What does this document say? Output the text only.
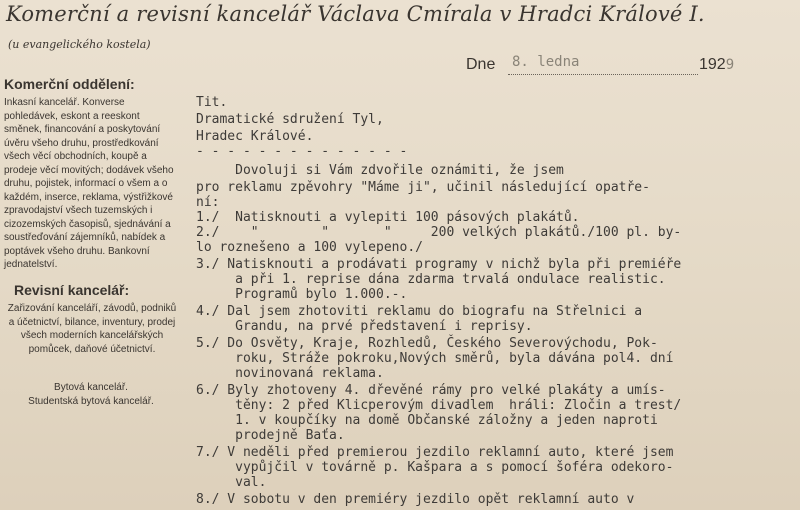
Komerční a revisní kancelář Václava Cmírala v Hradci Králové I.
(u evangelického kostela)
Dne 8. ledna	1929
Komerční oddělení:
Inkasní kancelář. Konverse pohledávek, eskont a reeskont směnek, financování a poskytování úvěru všeho druhu, prostředkování všech věcí obchodních, koupě a prodeje věcí movitých; dodávek všeho druhu, pojistek, informací o všem a o každém, inserce, reklama, výstřižkové zpravodajství všech tuzemských i cizozemských časopisů, sjednávání a soustřeďování zájemníků, nabídek a poptávek všeho druhu. Bankovní jednatelství.
Revisní kancelář:
Zařizování kanceláří, závodů, podniků a účetnictví, bilance, inventury, prodej všech moderních kancelářských pomůcek, daňové účetnictví.
Bytová kancelář.
Studentská bytová kancelář.
Tit.
Dramatické sdružení Tyl,
Hradec Králové.
- - - - - - - - - - - - - -
Dovoluji si Vám zdvořile oznámiti, že jsem
pro reklamu zpěvohry "Máme ji", učinil následující opatře-
ní:
1./  Natisknouti a vylepiti 100 pásových plakátů.
2./    "        "       "     200 velkých plakátů./100 pl. by-
lo roznešeno a 100 vylepeno./
3./ Natisknouti a prodávati programy v nichž byla při premiéře
a při 1. reprise dána zdarma trvalá ondulace realistic.
Programů bylo 1.000.-.
4./ Dal jsem zhotoviti reklamu do biografu na Střelnici a
Grandu, na prvé představení i reprisy.
5./ Do Osvěty, Kraje, Rozhledů, Českého Severovýchodu, Pok-
roku, Stráže pokroku,Nových směrů, byla dávána pol4. dní
novinovaná reklama.
6./ Byly zhotoveny 4. dřevěné rámy pro velké plakáty a umís-
těny: 2 před Klicperovým divadlem  hráli: Zločin a trest/
1. v koupčíky na domě Občanské záložny a jeden naproti
prodejně Baťa.
7./ V neděli před premierou jezdilo reklamní auto, které jsem
vypůjčil v továrně p. Kašpara a s pomocí šoféra odekoro-
val.
8./ V sobotu v den premiéry jezdilo opět reklamní auto v
